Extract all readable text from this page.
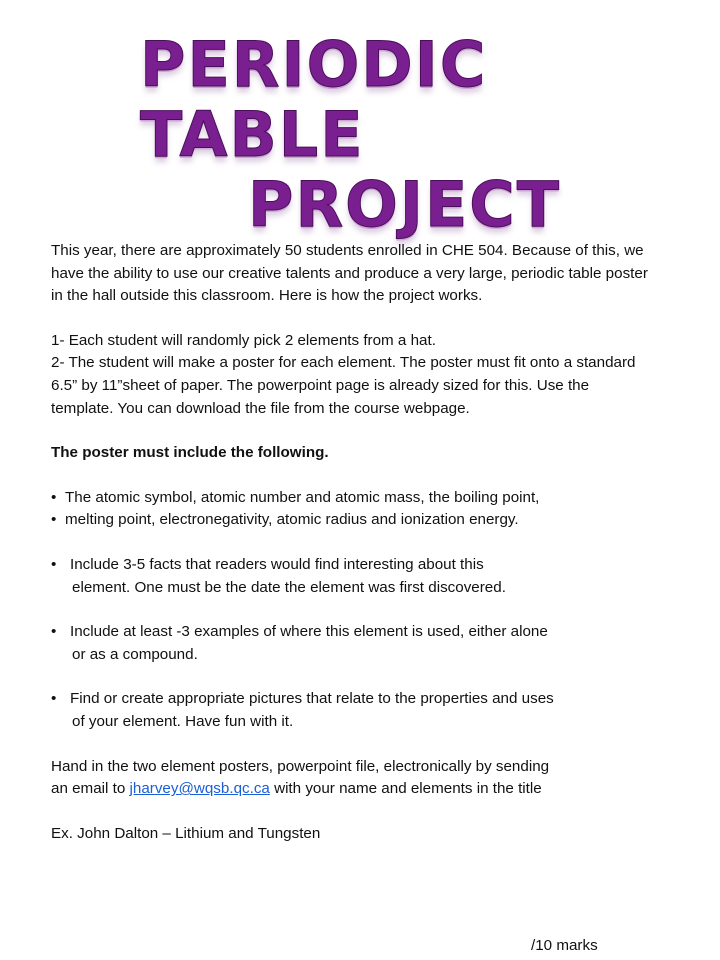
PERIODIC TABLE
PROJECT

This year, there are approximately 50 students enrolled in CHE 504. Because of this, we have the ability to use our creative talents and produce a very large, periodic table poster in the hall outside this classroom. Here is how the project works.

1- Each student will randomly pick 2 elements from a hat.

2- The student will make a poster for each element. The poster must fit onto a standard 6.5” by 11”sheet of paper. The powerpoint page is already sized for this. Use the template. You can download the file from the course webpage.

The poster must include the following.

• The atomic symbol, atomic number and atomic mass, the boiling point,
• melting point, electronegativity, atomic radius and ionization energy.
• Include 3-5 facts that readers would find interesting about this

element. One must be the date the element was first discovered.

• Include at least -3 examples of where this element is used, either alone

or as a compound.

• Find or create appropriate pictures that relate to the properties and uses

of your element. Have fun with it.

Hand in the two element posters, powerpoint file, electronically by sending

an email to jharvey@wqsb.qc.ca with your name and elements in the title

Ex. John Dalton – Lithium and Tungsten

/10 marks
